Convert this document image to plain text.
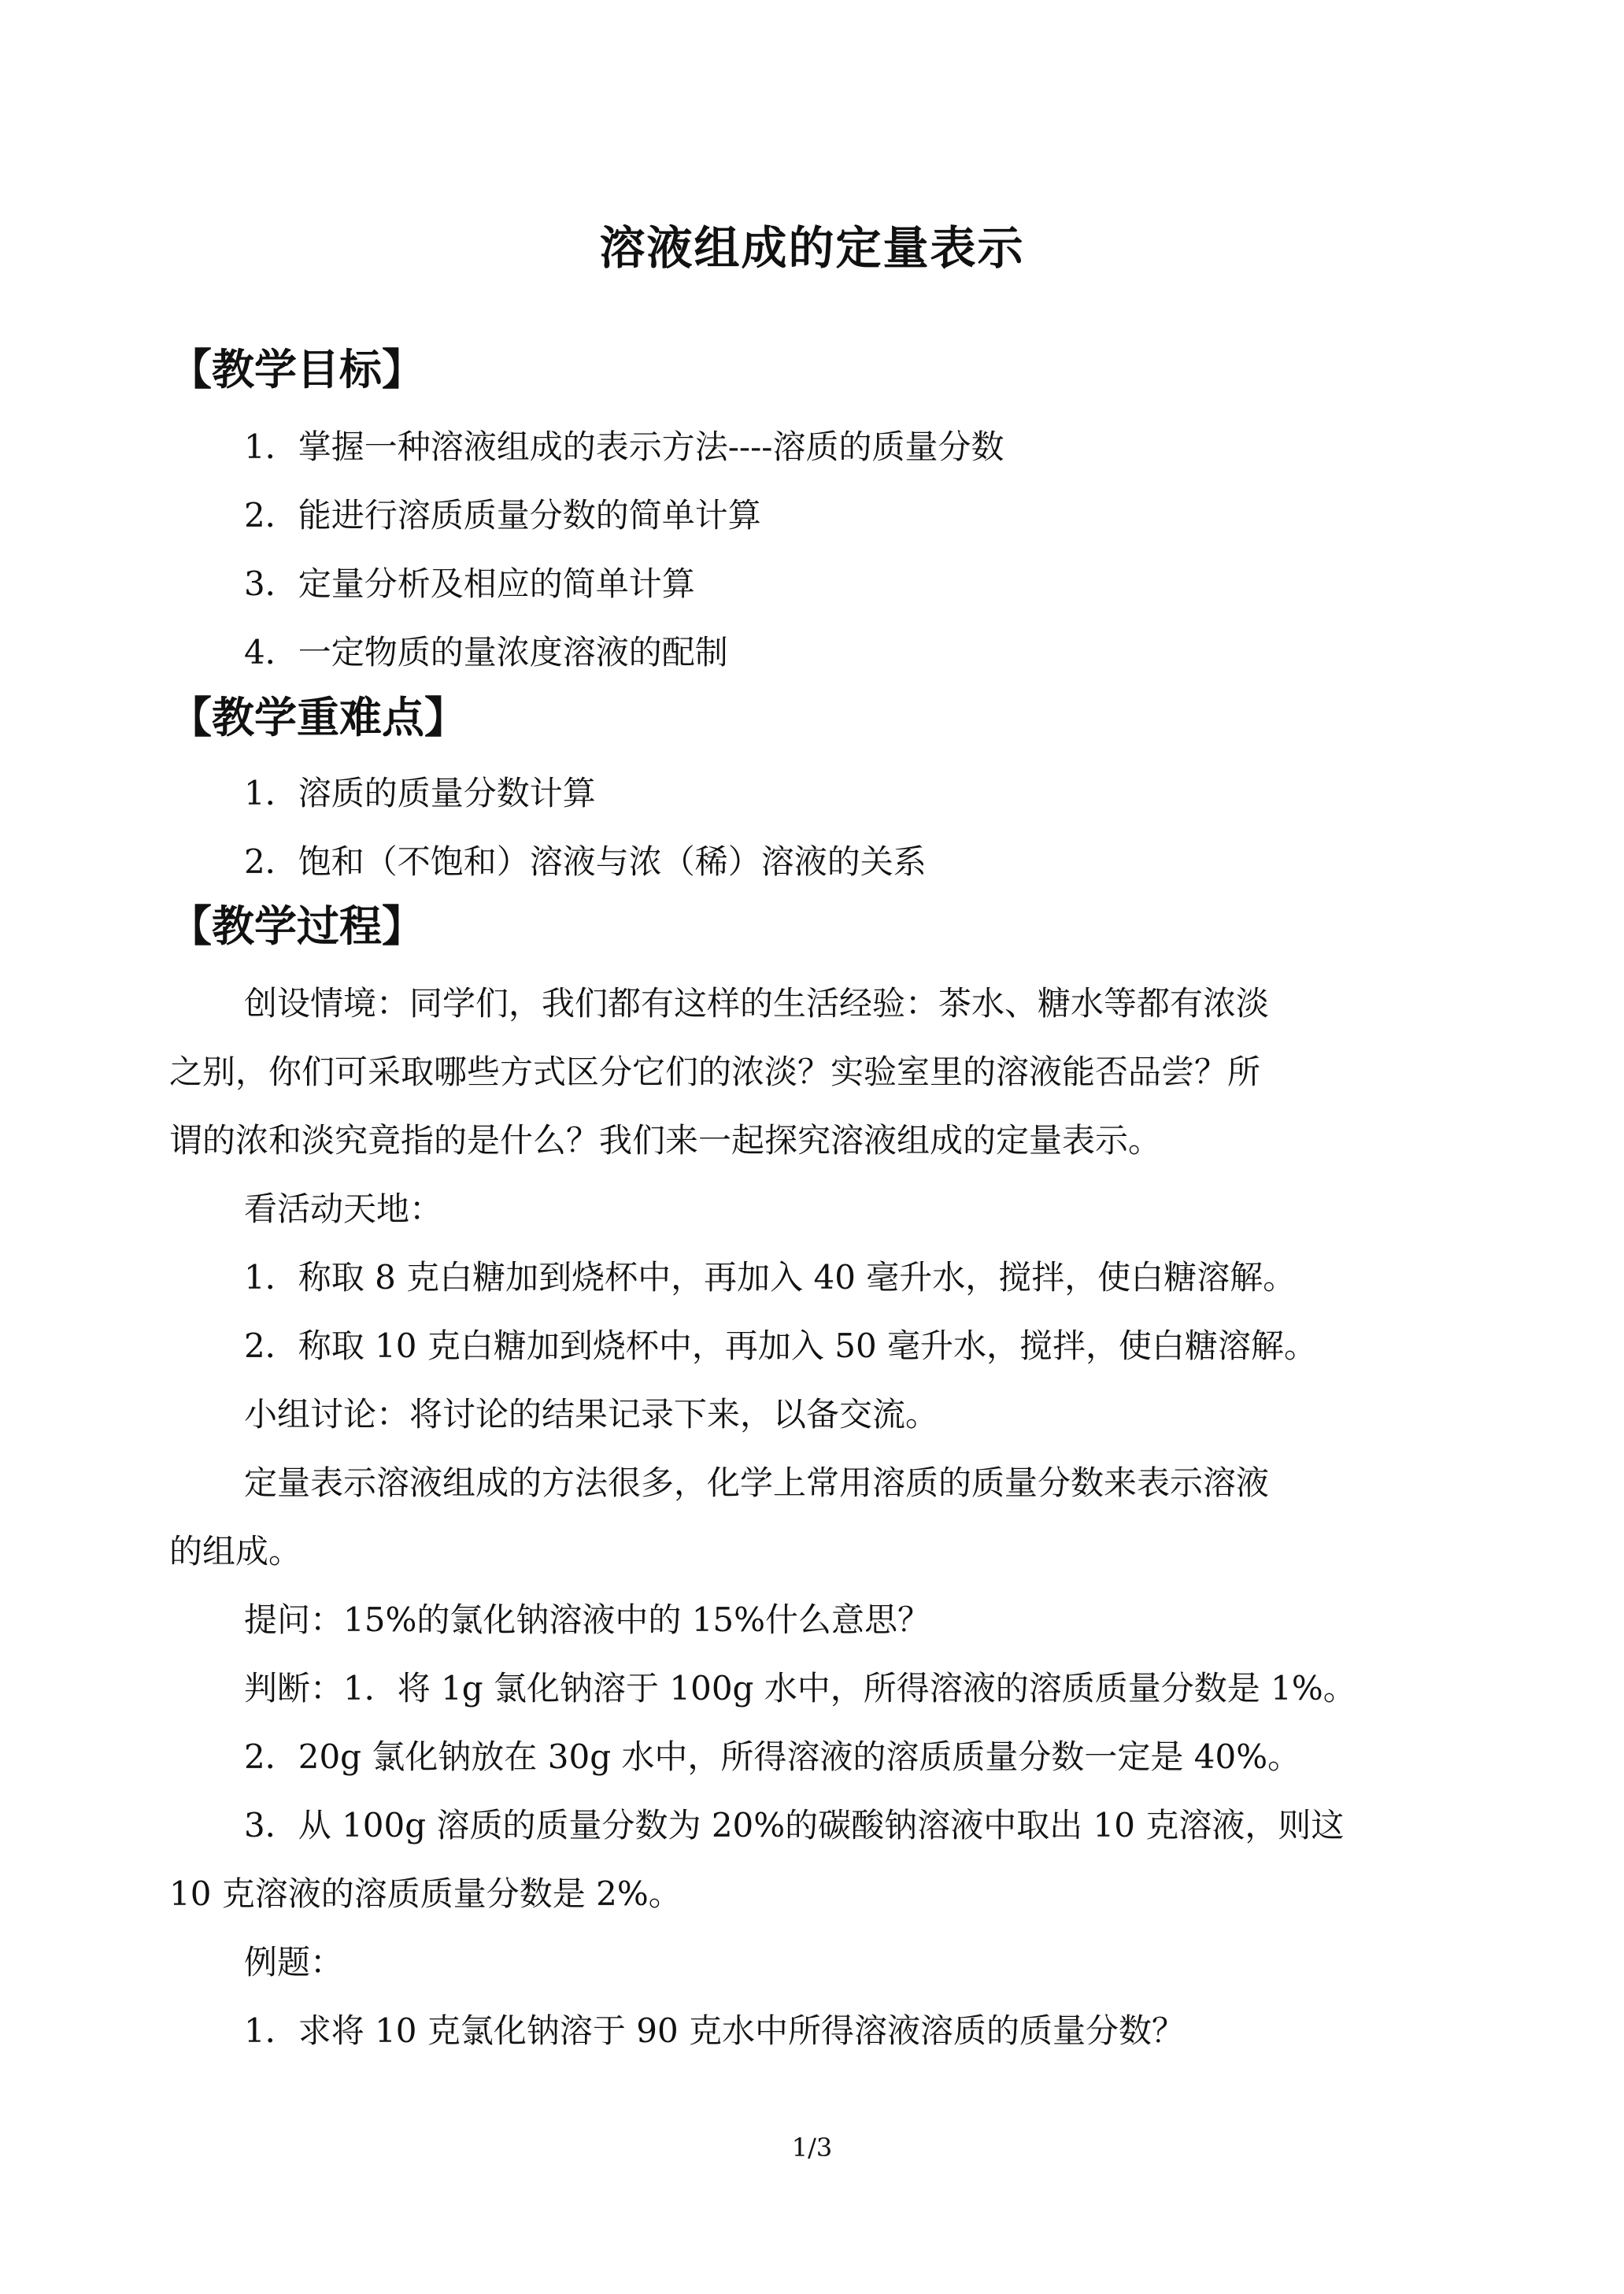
溶液组成的定量表示
【教学目标】
1．掌握一种溶液组成的表示方法----溶质的质量分数
2．能进行溶质质量分数的简单计算
3．定量分析及相应的简单计算
4．一定物质的量浓度溶液的配制
【教学重难点】
1．溶质的质量分数计算
2．饱和（不饱和）溶液与浓（稀）溶液的关系
【教学过程】
创设情境：同学们，我们都有这样的生活经验：茶水、糖水等都有浓淡
之别，你们可采取哪些方式区分它们的浓淡？实验室里的溶液能否品尝？所
谓的浓和淡究竟指的是什么？我们来一起探究溶液组成的定量表示。
看活动天地：
1．称取 8 克白糖加到烧杯中，再加入 40 毫升水，搅拌，使白糖溶解。
2．称取 10 克白糖加到烧杯中，再加入 50 毫升水，搅拌，使白糖溶解。
小组讨论：将讨论的结果记录下来，以备交流。
定量表示溶液组成的方法很多，化学上常用溶质的质量分数来表示溶液
的组成。
提问：15%的氯化钠溶液中的 15%什么意思？
判断：1．将 1g 氯化钠溶于 100g 水中，所得溶液的溶质质量分数是 1%。
2．20g 氯化钠放在 30g 水中，所得溶液的溶质质量分数一定是 40%。
3．从 100g 溶质的质量分数为 20%的碳酸钠溶液中取出 10 克溶液，则这
10 克溶液的溶质质量分数是 2%。
例题：
1．求将 10 克氯化钠溶于 90 克水中所得溶液溶质的质量分数？
1/3
